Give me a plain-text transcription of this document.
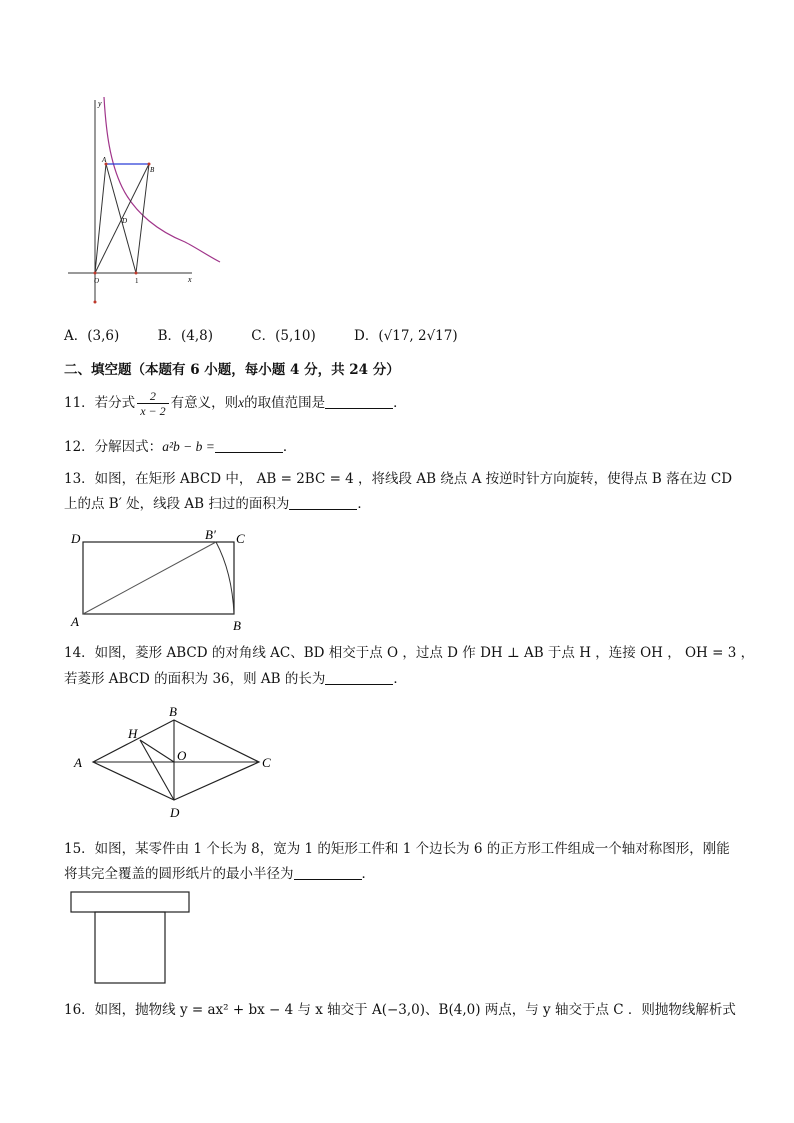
y
x
O
A
B
D
1
A．(3,6)	B．(4,8)	C．(5,10)	D．(√17, 2√17)
二、填空题（本题有 6 小题，每小题 4 分，共 24 分）
11．若分式 $\frac{2}{x - 2}$ 有意义，则x的取值范围是	．
12．分解因式：a²b − b =	．
13．如图，在矩形 ABCD 中， AB = 2BC = 4 ，将线段 AB 绕点 A 按逆时针方向旋转，使得点 B 落在边 CD
上的点 B′ 处，线段 AB 扫过的面积为	．
D	B′ C
A	B
14．如图，菱形 ABCD 的对角线 AC、BD 相交于点 O ，过点 D 作 DH ⊥ AB 于点 H ，连接 OH ， OH = 3 ，
若菱形 ABCD 的面积为 36，则 AB 的长为	．
A
B
C
D
H
O
15．如图，某零件由 1 个长为 8，宽为 1 的矩形工件和 1 个边长为 6 的正方形工件组成一个轴对称图形，刚能
将其完全覆盖的圆形纸片的最小半径为	．
16．如图，抛物线 y = ax² + bx − 4 与 x 轴交于 A(−3,0)、B(4,0) 两点，与 y 轴交于点 C ．则抛物线解析式
